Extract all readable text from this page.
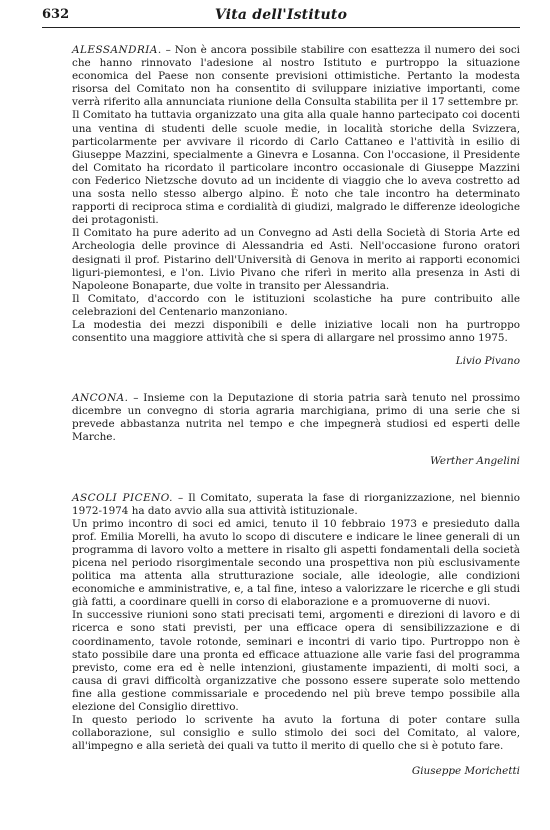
632	Vita dell'Istituto

ALESSANDRIA. – Non è ancora possibile stabilire con esattezza il numero dei soci che hanno rinnovato l'adesione al nostro Istituto e purtroppo la situazione economica del Paese non consente previsioni ottimistiche. Pertanto la modesta risorsa del Comitato non ha consentito di sviluppare iniziative importanti, come verrà riferito alla annunciata riunione della Consulta stabilita per il 17 settembre pr.

Il Comitato ha tuttavia organizzato una gita alla quale hanno partecipato coi docenti una ventina di studenti delle scuole medie, in località storiche della Svizzera, particolarmente per avvivare il ricordo di Carlo Cattaneo e l'attività in esilio di Giuseppe Mazzini, specialmente a Ginevra e Losanna. Con l'occasione, il Presidente del Comitato ha ricordato il particolare incontro occasionale di Giuseppe Mazzini con Federico Nietzsche dovuto ad un incidente di viaggio che lo aveva costretto ad una sosta nello stesso albergo alpino. È noto che tale incontro ha determinato rapporti di reciproca stima e cordialità di giudizi, malgrado le differenze ideologiche dei protagonisti.

Il Comitato ha pure aderito ad un Convegno ad Asti della Società di Storia Arte ed Archeologia delle province di Alessandria ed Asti. Nell'occasione furono oratori designati il prof. Pistarino dell'Università di Genova in merito ai rapporti economici liguri-piemontesi, e l'on. Livio Pivano che riferì in merito alla presenza in Asti di Napoleone Bonaparte, due volte in transito per Alessandria.

Il Comitato, d'accordo con le istituzioni scolastiche ha pure contribuito alle celebrazioni del Centenario manzoniano.

La modestia dei mezzi disponibili e delle iniziative locali non ha purtroppo consentito una maggiore attività che si spera di allargare nel prossimo anno 1975.

Livio Pivano

ANCONA. – Insieme con la Deputazione di storia patria sarà tenuto nel prossimo dicembre un convegno di storia agraria marchigiana, primo di una serie che si prevede abbastanza nutrita nel tempo e che impegnerà studiosi ed esperti delle Marche.

Werther Angelini

ASCOLI PICENO. – Il Comitato, superata la fase di riorganizzazione, nel biennio 1972-1974 ha dato avvio alla sua attività istituzionale.

Un primo incontro di soci ed amici, tenuto il 10 febbraio 1973 e presieduto dalla prof. Emilia Morelli, ha avuto lo scopo di discutere e indicare le linee generali di un programma di lavoro volto a mettere in risalto gli aspetti fondamentali della società picena nel periodo risorgimentale secondo una prospettiva non più esclusivamente politica ma attenta alla strutturazione sociale, alle ideologie, alle condizioni economiche e amministrative, e, a tal fine, inteso a valorizzare le ricerche e gli studi già fatti, a coordinare quelli in corso di elaborazione e a promuoverne di nuovi.

In successive riunioni sono stati precisati temi, argomenti e direzioni di lavoro e di ricerca e sono stati previsti, per una efficace opera di sensibilizzazione e di coordinamento, tavole rotonde, seminari e incontri di vario tipo. Purtroppo non è stato possibile dare una pronta ed efficace attuazione alle varie fasi del programma previsto, come era ed è nelle intenzioni, giustamente impazienti, di molti soci, a causa di gravi difficoltà organizzative che possono essere superate solo mettendo fine alla gestione commissariale e procedendo nel più breve tempo possibile alla elezione del Consiglio direttivo.

In questo periodo lo scrivente ha avuto la fortuna di poter contare sulla collaborazione, sul consiglio e sullo stimolo dei soci del Comitato, al valore, all'impegno e alla serietà dei quali va tutto il merito di quello che si è potuto fare.

Giuseppe Morichetti
